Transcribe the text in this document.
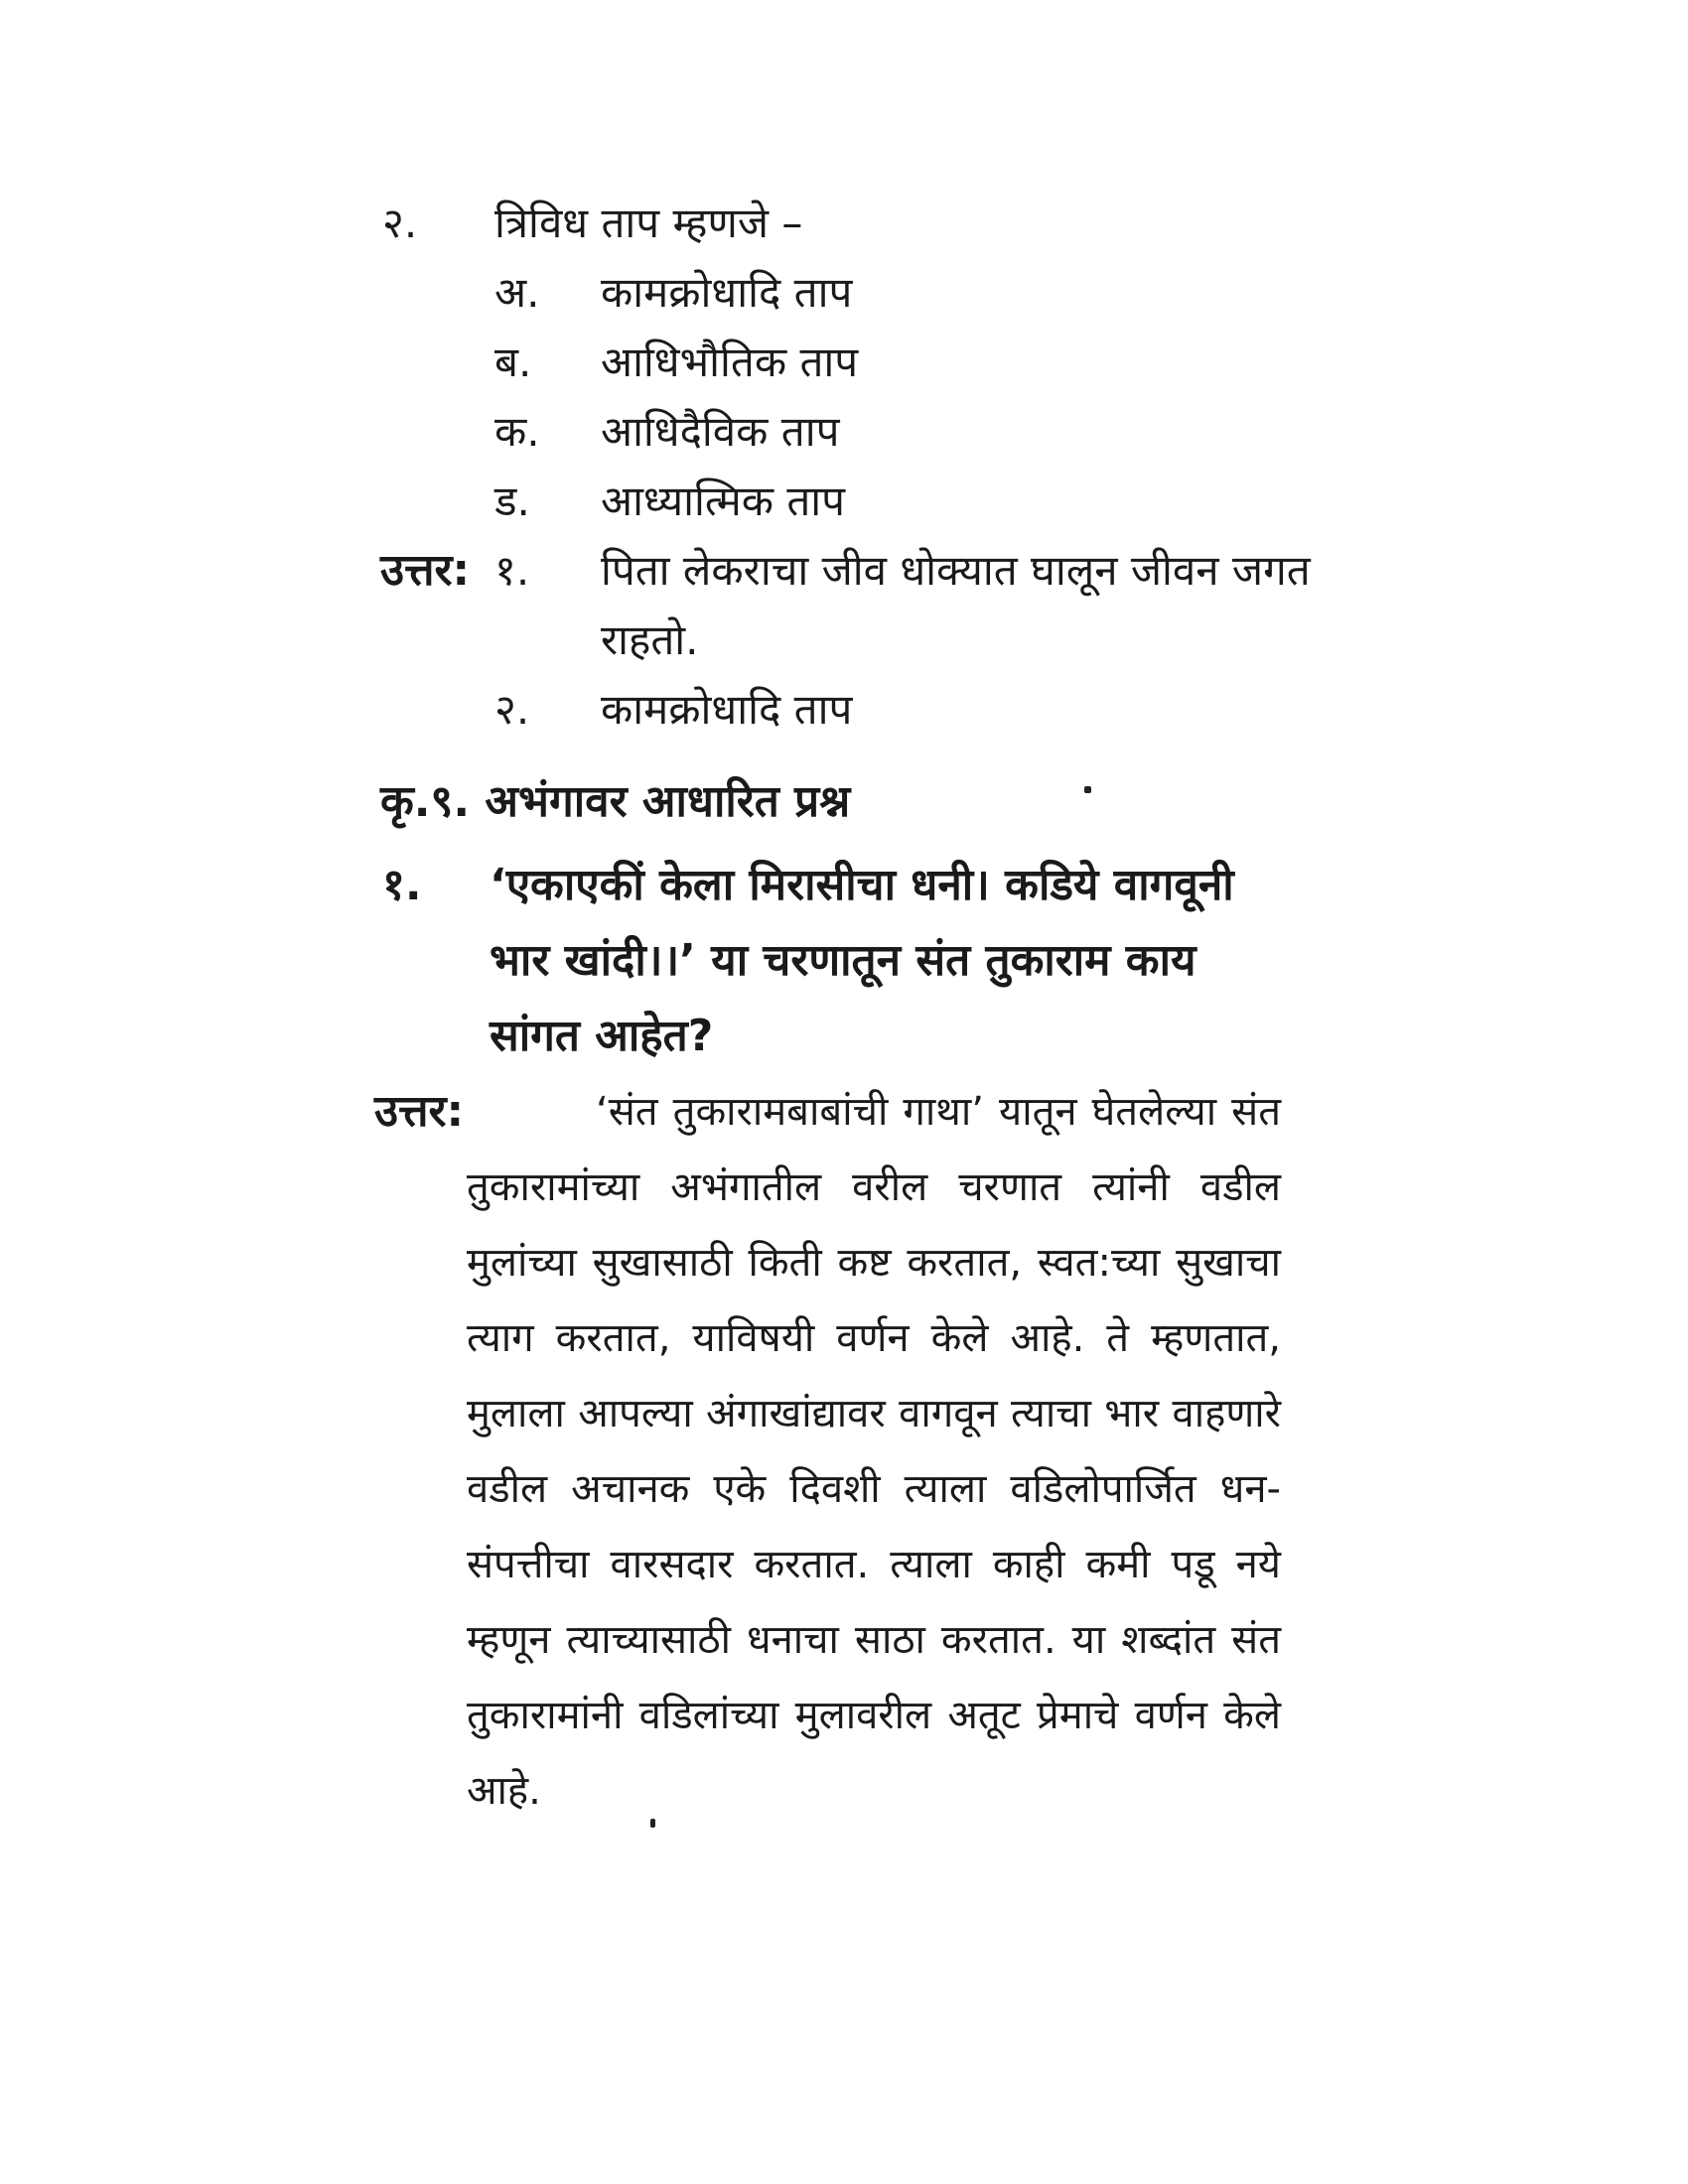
२. त्रिविध ताप म्हणजे –
अ. कामक्रोधादि ताप
ब. आधिभौतिक ताप
क. आधिदैविक ताप
ड. आध्यात्मिक ताप
उत्तर: १. पिता लेकराचा जीव धोक्यात घालून जीवन जगत
राहतो.
२. कामक्रोधादि ताप
कृ.९. अभंगावर आधारित प्रश्न
१. ‘एकाएकीं केला मिरासीचा धनी। कडिये वागवूनी
भार खांदी।।’ या चरणातून संत तुकाराम काय
सांगत आहेत?
उत्तर:	‘संत तुकारामबाबांची गाथा’ यातून घेतलेल्या संत तुकारामांच्या अभंगातील वरील चरणात त्यांनी वडील मुलांच्या सुखासाठी किती कष्ट करतात, स्वत:च्या सुखाचा त्याग करतात, याविषयी वर्णन केले आहे. ते म्हणतात, मुलाला आपल्या अंगाखांद्यावर वागवून त्याचा भार वाहणारे वडील अचानक एके दिवशी त्याला वडिलोपार्जित धन-संपत्तीचा वारसदार करतात. त्याला काही कमी पडू नये म्हणून त्याच्यासाठी धनाचा साठा करतात. या शब्दांत संत तुकारामांनी वडिलांच्या मुलावरील अतूट प्रेमाचे वर्णन केले आहे.
